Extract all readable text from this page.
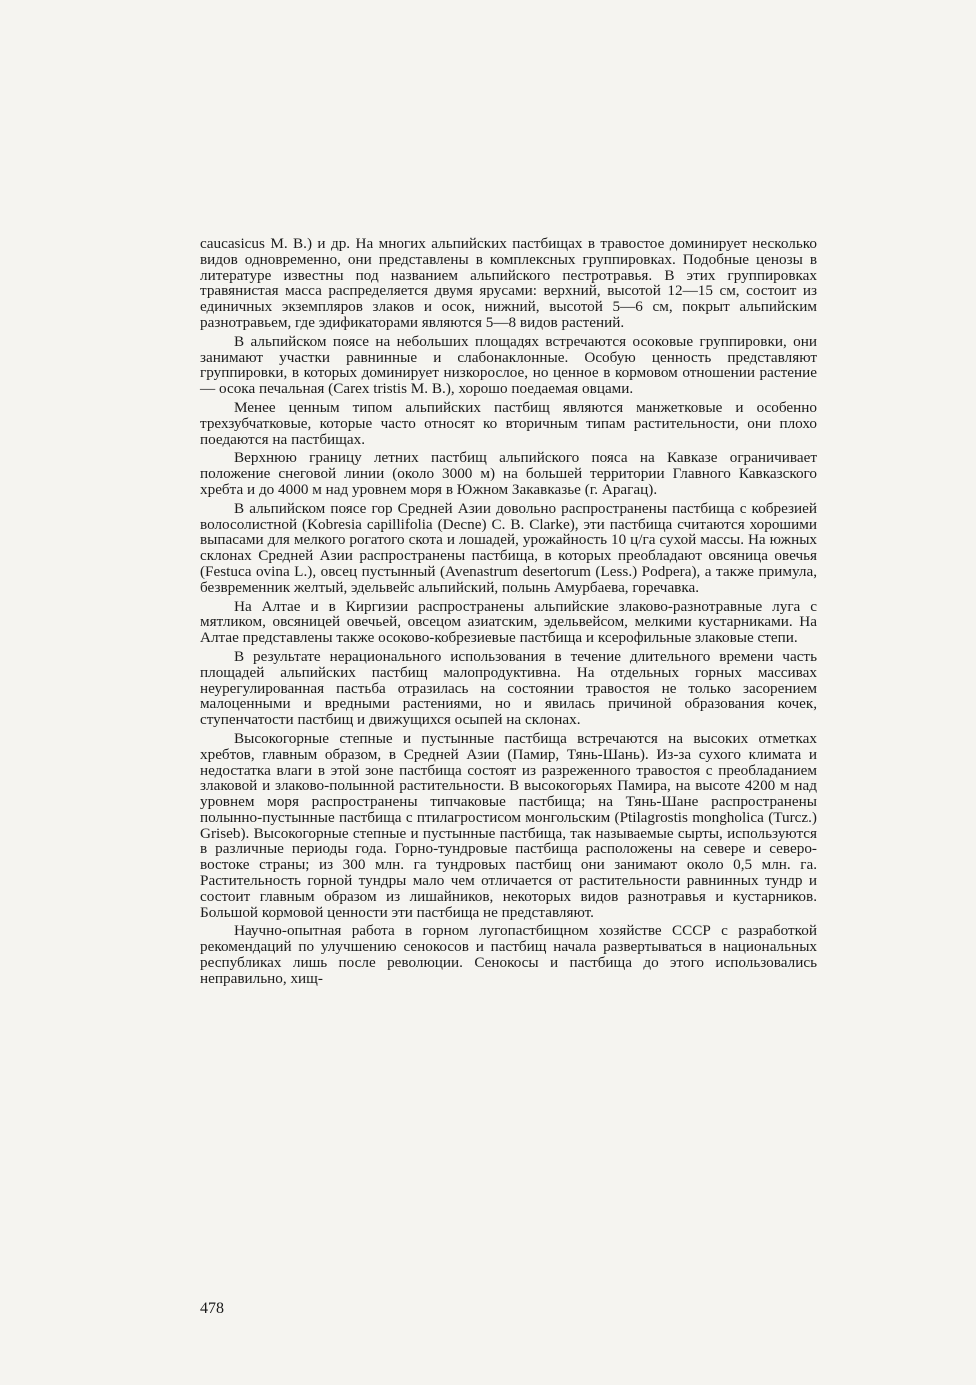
caucasicus M. B.) и др. На многих альпийских пастбищах в травостое доминирует несколько видов одновременно, они представлены в комплексных группировках. Подобные ценозы в литературе известны под названием альпийского пестротравья. В этих группировках травянистая масса распределяется двумя ярусами: верхний, высотой 12—15 см, состоит из единичных экземпляров злаков и осок, нижний, высотой 5—6 см, покрыт альпийским разнотравьем, где эдификаторами являются 5—8 видов растений.

В альпийском поясе на небольших площадях встречаются осоковые группировки, они занимают участки равнинные и слабонаклонные. Особую ценность представляют группировки, в которых доминирует низкорослое, но ценное в кормовом отношении растение — осока печальная (Carex tristis M. B.), хорошо поедаемая овцами.

Менее ценным типом альпийских пастбищ являются манжетковые и особенно трехзубчатковые, которые часто относят ко вторичным типам растительности, они плохо поедаются на пастбищах.

Верхнюю границу летних пастбищ альпийского пояса на Кавказе ограничивает положение снеговой линии (около 3000 м) на большей территории Главного Кавказского хребта и до 4000 м над уровнем моря в Южном Закавказье (г. Арагац).

В альпийском поясе гор Средней Азии довольно распространены пастбища с кобрезией волосолистной (Kobresia capillifolia (Decne) C. B. Clarke), эти пастбища считаются хорошими выпасами для мелкого рогатого скота и лошадей, урожайность 10 ц/га сухой массы. На южных склонах Средней Азии распространены пастбища, в которых преобладают овсяница овечья (Festuca ovina L.), овсец пустынный (Avenastrum desertorum (Less.) Podpera), а также примула, безвременник желтый, эдельвейс альпийский, полынь Амурбаева, горечавка.

На Алтае и в Киргизии распространены альпийские злаково-разнотравные луга с мятликом, овсяницей овечьей, овсецом азиатским, эдельвейсом, мелкими кустарниками. На Алтае представлены также осоково-кобрезиевые пастбища и ксерофильные злаковые степи.

В результате нерационального использования в течение длительного времени часть площадей альпийских пастбищ малопродуктивна. На отдельных горных массивах неурегулированная пастьба отразилась на состоянии травостоя не только засорением малоценными и вредными растениями, но и явилась причиной образования кочек, ступенчатости пастбищ и движущихся осыпей на склонах.

Высокогорные степные и пустынные пастбища встречаются на высоких отметках хребтов, главным образом, в Средней Азии (Памир, Тянь-Шань). Из-за сухого климата и недостатка влаги в этой зоне пастбища состоят из разреженного травостоя с преобладанием злаковой и злаково-полынной растительности. В высокогорьях Памира, на высоте 4200 м над уровнем моря распространены типчаковые пастбища; на Тянь-Шане распространены полынно-пустынные пастбища с птилагростисом монгольским (Ptilagrostis mongholica (Turcz.) Griseb). Высокогорные степные и пустынные пастбища, так называемые сырты, используются в различные периоды года. Горно-тундровые пастбища расположены на севере и северо-востоке страны; из 300 млн. га тундровых пастбищ они занимают около 0,5 млн. га. Растительность горной тундры мало чем отличается от растительности равнинных тундр и состоит главным образом из лишайников, некоторых видов разнотравья и кустарников. Большой кормовой ценности эти пастбища не представляют.

Научно-опытная работа в горном лугопастбищном хозяйстве СССР с разработкой рекомендаций по улучшению сенокосов и пастбищ начала развертываться в национальных республиках лишь после революции. Сенокосы и пастбища до этого использовались неправильно, хищ-

478
